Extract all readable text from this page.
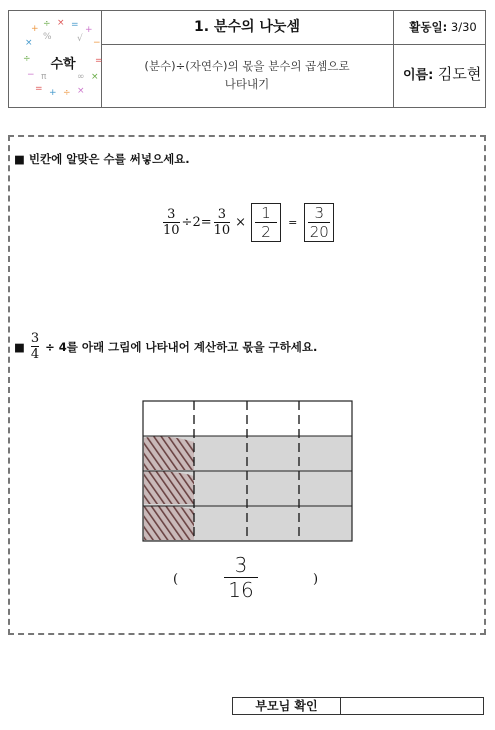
+ ÷ × = +
−
×
÷	=
−	×
= + ÷ ×
%	√
π	∞
수학
1. 분수의 나눗셈
(분수)÷(자연수)의 몫을 분수의 곱셈으로
나타내기
활동일: 3/30
이름: 김도현
■ 빈칸에 알맞은 수를 써넣으세요.
$\frac{3}{10} \div 2= \frac{3}{10} \times \frac{1}{2} = \frac{3}{20}$
■ $\frac{3}{4} \div 4$를 아래 그림에 나타내어 계산하고 몫을 구하세요.
(	)
3
16
부모님 확인
